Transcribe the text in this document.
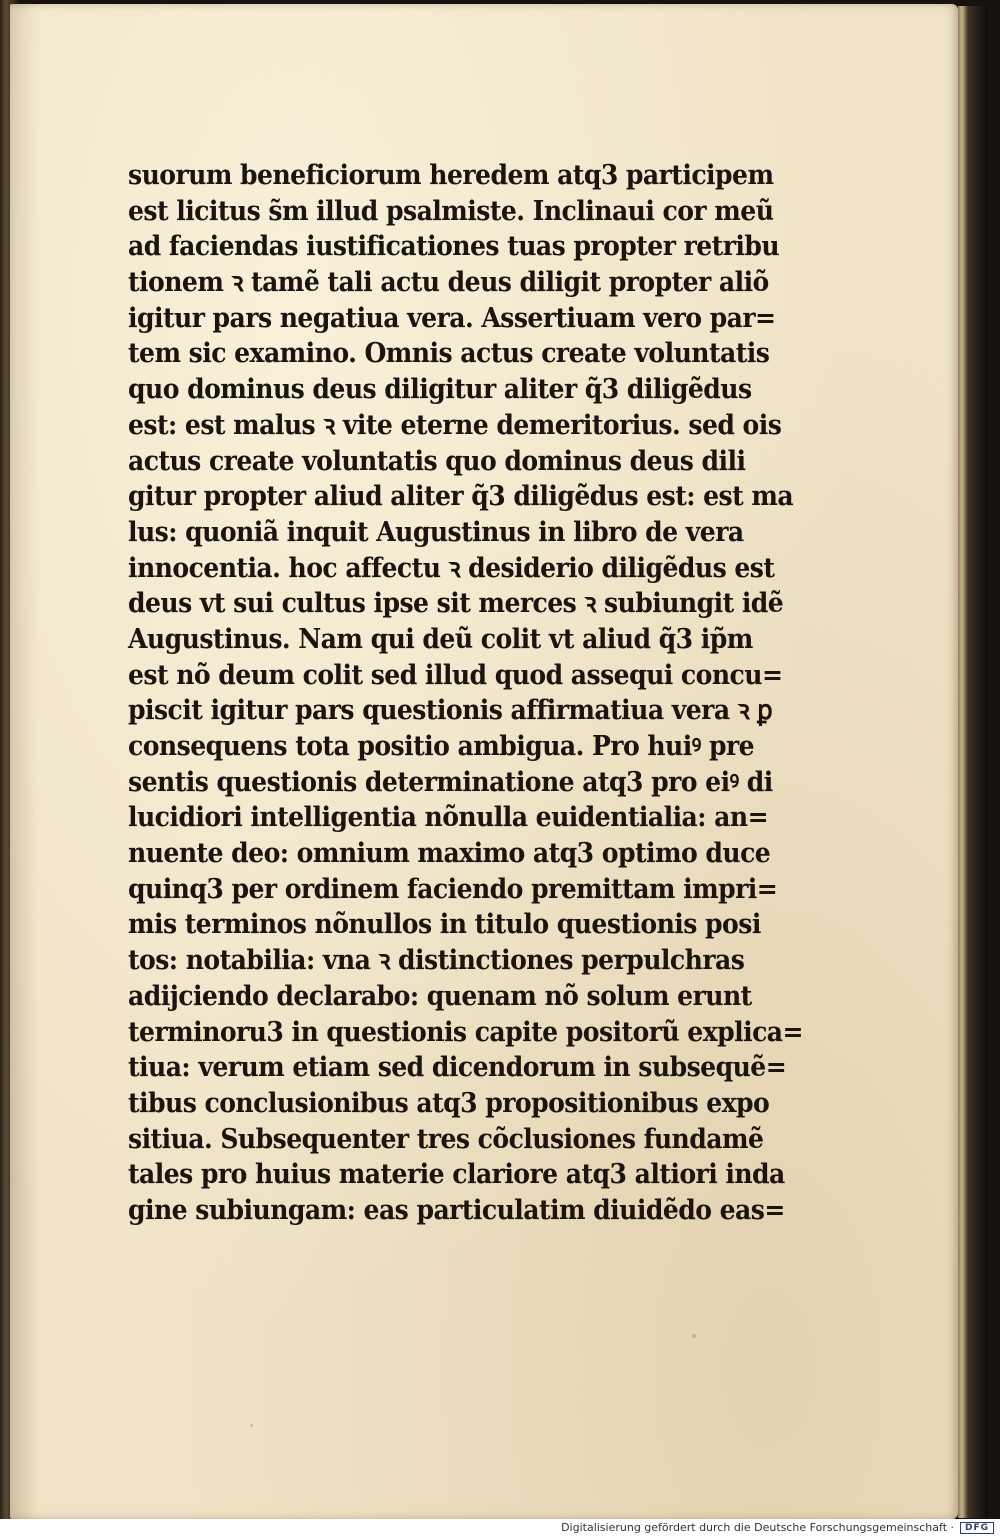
suorum beneficiorum heredem atq3 participem
est licitus s̃m illud psalmiste. Inclinaui cor meũ
ad faciendas iustificationes tuas propter retribu
tionem ꝛ tamẽ tali actu deus diligit propter aliõ
igitur pars negatiua vera. Assertiuam vero par=
tem sic examino. Omnis actus create voluntatis
quo dominus deus diligitur aliter q̃3 diligẽdus
est: est malus ꝛ vite eterne demeritorius. sed ois
actus create voluntatis quo dominus deus dili
gitur propter aliud aliter q̃3 diligẽdus est: est ma
lus: quoniã inquit Augustinus in libro de vera
innocentia. hoc affectu ꝛ desiderio diligẽdus est
deus vt sui cultus ipse sit merces ꝛ subiungit idẽ
Augustinus. Nam qui deũ colit vt aliud q̃3 ip̃m
est nõ deum colit sed illud quod assequi concu=
piscit igitur pars questionis affirmatiua vera ꝛ ꝑ
consequens tota positio ambigua. Pro huiꝰ pre
sentis questionis determinatione atq3 pro eiꝰ di
lucidiori intelligentia nõnulla euidentialia: an=
nuente deo: omnium maximo atq3 optimo duce
quinq3 per ordinem faciendo premittam impri=
mis terminos nõnullos in titulo questionis posi
tos: notabilia: vna ꝛ distinctiones perpulchras
adijciendo declarabo: quenam nõ solum erunt
terminoru3 in questionis capite positorũ explica=
tiua: verum etiam sed dicendorum in subsequẽ=
tibus conclusionibus atq3 propositionibus expo
sitiua. Subsequenter tres cõclusiones fundamẽ
tales pro huius materie clariore atq3 altiori inda
gine subiungam: eas particulatim diuidẽdo eas=
Digitalisierung gefördert durch die Deutsche Forschungsgemeinschaft ·	DFG
